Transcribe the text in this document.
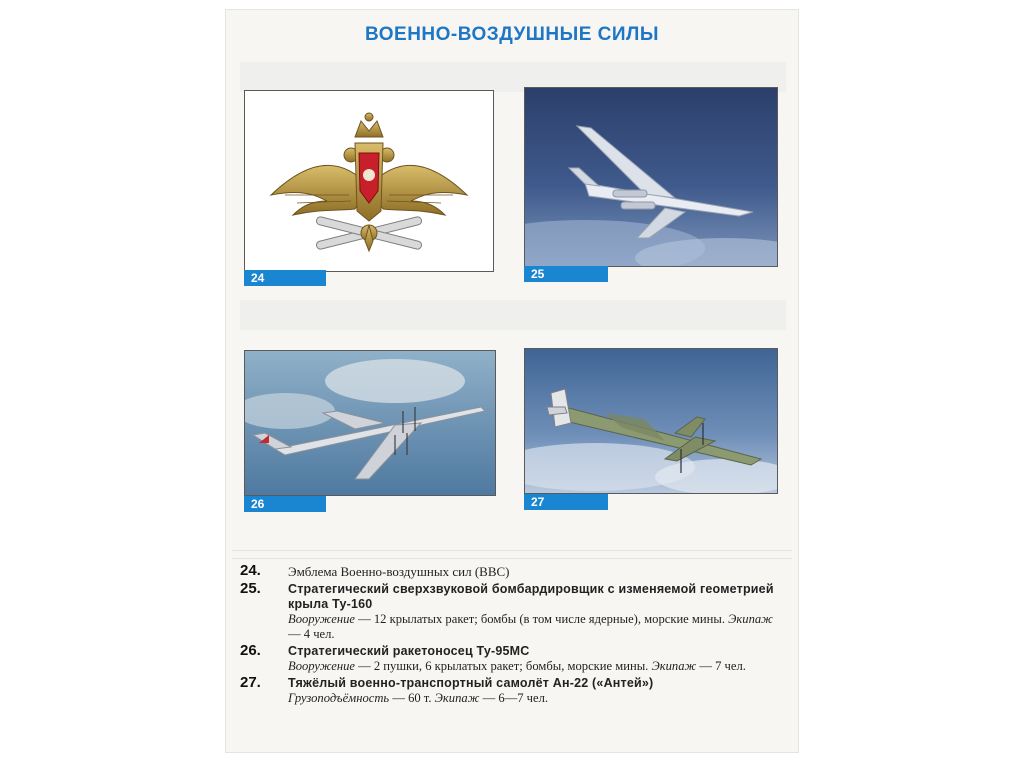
ВОЕННО-ВОЗДУШНЫЕ СИЛЫ
24	25
26	27
24. Эмблема Военно-воздушных сил (ВВС)
25. Стратегический сверхзвуковой бомбардировщик с изменяемой геометрией крыла Ту-160
Вооружение — 12 крылатых ракет; бомбы (в том числе ядерные), морские мины. Экипаж — 4 чел.
26. Стратегический ракетоносец Ту-95МС
Вооружение — 2 пушки, 6 крылатых ракет; бомбы, морские мины. Экипаж — 7 чел.
27. Тяжёлый военно-транспортный самолёт Ан-22 («Антей»)
Грузоподъёмность — 60 т. Экипаж — 6—7 чел.
